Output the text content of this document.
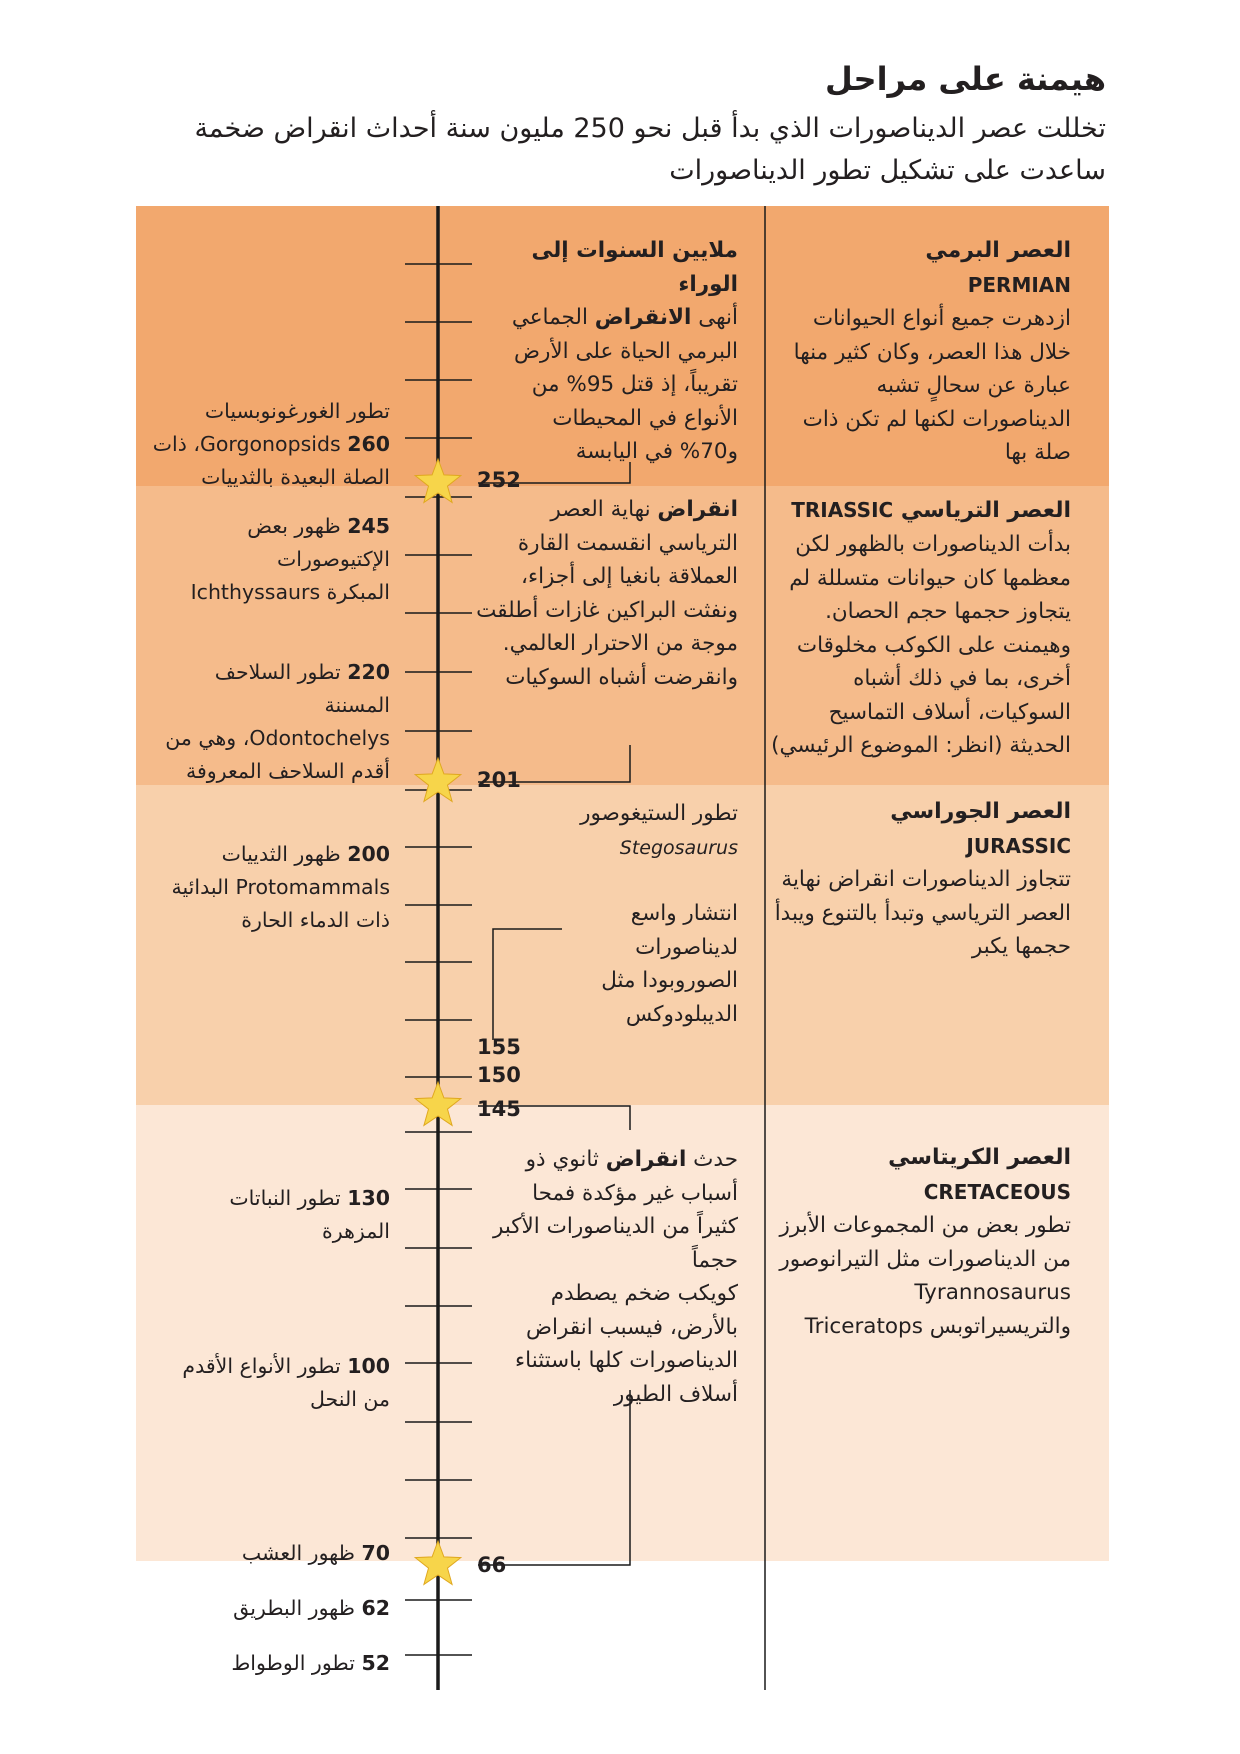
هيمنة على مراحل
تخللت عصر الديناصورات الذي بدأ قبل نحو 250 مليون سنة أحداث انقراض ضخمة ساعدت على تشكيل تطور الديناصورات
252
201
155
150
145
66
العصر البرمي
PERMIAN
ازدهرت جميع أنواع الحيوانات خلال هذا العصر، وكان كثير منها عبارة عن سحالٍ تشبه الديناصورات لكنها لم تكن ذات صلة بها
العصر الترياسي TRIASSIC
بدأت الديناصورات بالظهور لكن معظمها كان حيوانات متسللة لم يتجاوز حجمها حجم الحصان. وهيمنت على الكوكب مخلوقات أخرى، بما في ذلك أشباه السوكيات، أسلاف التماسيح الحديثة (انظر: الموضوع الرئيسي)
العصر الجوراسي
JURASSIC
تتجاوز الديناصورات انقراض نهاية العصر الترياسي وتبدأ بالتنوع ويبدأ حجمها يكبر
العصر الكريتاسي
CRETACEOUS
تطور بعض من المجموعات الأبرز من الديناصورات مثل التيرانوصور Tyrannosaurus
والتريسيراتوبس Triceratops
ملايين السنوات إلى الوراء
أنهى الانقراض الجماعي البرمي الحياة على الأرض تقريباً، إذ قتل 95% من الأنواع في المحيطات و70% في اليابسة
انقراض نهاية العصر الترياسي انقسمت القارة العملاقة بانغيا إلى أجزاء، ونفثت البراكين غازات أطلقت موجة من الاحترار العالمي. وانقرضت أشباه السوكيات
تطور الستيغوصور
Stegosaurus
انتشار واسع لديناصورات الصوروبودا مثل الديبلودوكس
حدث انقراض ثانوي ذو أسباب غير مؤكدة فمحا كثيراً من الديناصورات الأكبر حجماً
كويكب ضخم يصطدم بالأرض، فيسبب انقراض الديناصورات كلها باستثناء أسلاف الطيور
تطور الغورغونوبسيات
260 Gorgonopsids، ذات
الصلة البعيدة بالثدييات
245 ظهور بعض
الإكتيوصورات
المبكرة Ichthyssaurs
220 تطور السلاحف المسننة
Odontochelys، وهي من
أقدم السلاحف المعروفة
200 ظهور الثدييات
Protomammals البدائية
ذات الدماء الحارة
130 تطور النباتات
المزهرة
100 تطور الأنواع الأقدم
من النحل
70 ظهور العشب
62 ظهور البطريق
52 تطور الوطواط
